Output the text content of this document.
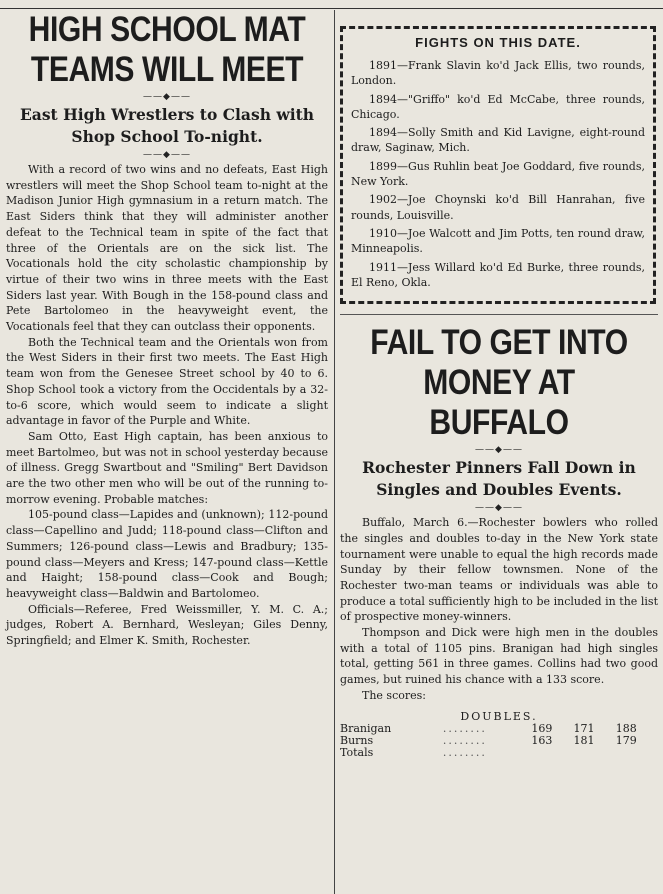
HIGH SCHOOL MAT
TEAMS WILL MEET
——◆——
East High Wrestlers to Clash with Shop School To-night.
——◆——

With a record of two wins and no defeats, East High wrestlers will meet the Shop School team to-night at the Madison Junior High gymnasium in a return match. The East Siders think that they will administer another defeat to the Technical team in spite of the fact that three of the Orientals are on the sick list. The Vocationals hold the city scholastic championship by virtue of their two wins in three meets with the East Siders last year. With Bough in the 158-pound class and Pete Bartolomeo in the heavyweight event, the Vocationals feel that they can outclass their opponents.

Both the Technical team and the Orientals won from the West Siders in their first two meets. The East High team won from the Genesee Street school by 40 to 6. Shop School took a victory from the Occidentals by a 32-to-6 score, which would seem to indicate a slight advantage in favor of the Purple and White.

Sam Otto, East High captain, has been anxious to meet Bartolmeo, but was not in school yesterday because of illness. Gregg Swartbout and "Smiling" Bert Davidson are the two other men who will be out of the running to-morrow evening. Probable matches:

105-pound class—Lapides and (unknown); 112-pound class—Capellino and Judd; 118-pound class—Clifton and Summers; 126-pound class—Lewis and Bradbury; 135-pound class—Meyers and Kress; 147-pound class—Kettle and Haight; 158-pound class—Cook and Bough; heavyweight class—Baldwin and Bartolomeo.

Officials—Referee, Fred Weissmiller, Y. M. C. A.; judges, Robert A. Bernhard, Wesleyan; Giles Denny, Springfield; and Elmer K. Smith, Rochester.

FIGHTS ON THIS DATE.

1891—Frank Slavin ko'd Jack Ellis, two rounds, London.

1894—"Griffo" ko'd Ed McCabe, three rounds, Chicago.

1894—Solly Smith and Kid Lavigne, eight-round draw, Saginaw, Mich.

1899—Gus Ruhlin beat Joe Goddard, five rounds, New York.

1902—Joe Choynski ko'd Bill Hanrahan, five rounds, Louisville.

1910—Joe Walcott and Jim Potts, ten round draw, Minneapolis.

1911—Jess Willard ko'd Ed Burke, three rounds, El Reno, Okla.

FAIL TO GET INTO
MONEY AT BUFFALO
——◆——
Rochester Pinners Fall Down in Singles and Doubles Events.
——◆——

Buffalo, March 6.—Rochester bowlers who rolled the singles and doubles to-day in the New York state tournament were unable to equal the high records made Sunday by their fellow townsmen. None of the Rochester two-man teams or individuals was able to produce a total sufficiently high to be included in the list of prospective money-winners.

Thompson and Dick were high men in the doubles with a total of 1105 pins. Branigan had high singles total, getting 561 in three games. Collins had two good games, but ruined his chance with a 133 score.

The scores:

DOUBLES.
Branigan	........	169	171	188
Burns	........	163	181	179
Totals	........			
